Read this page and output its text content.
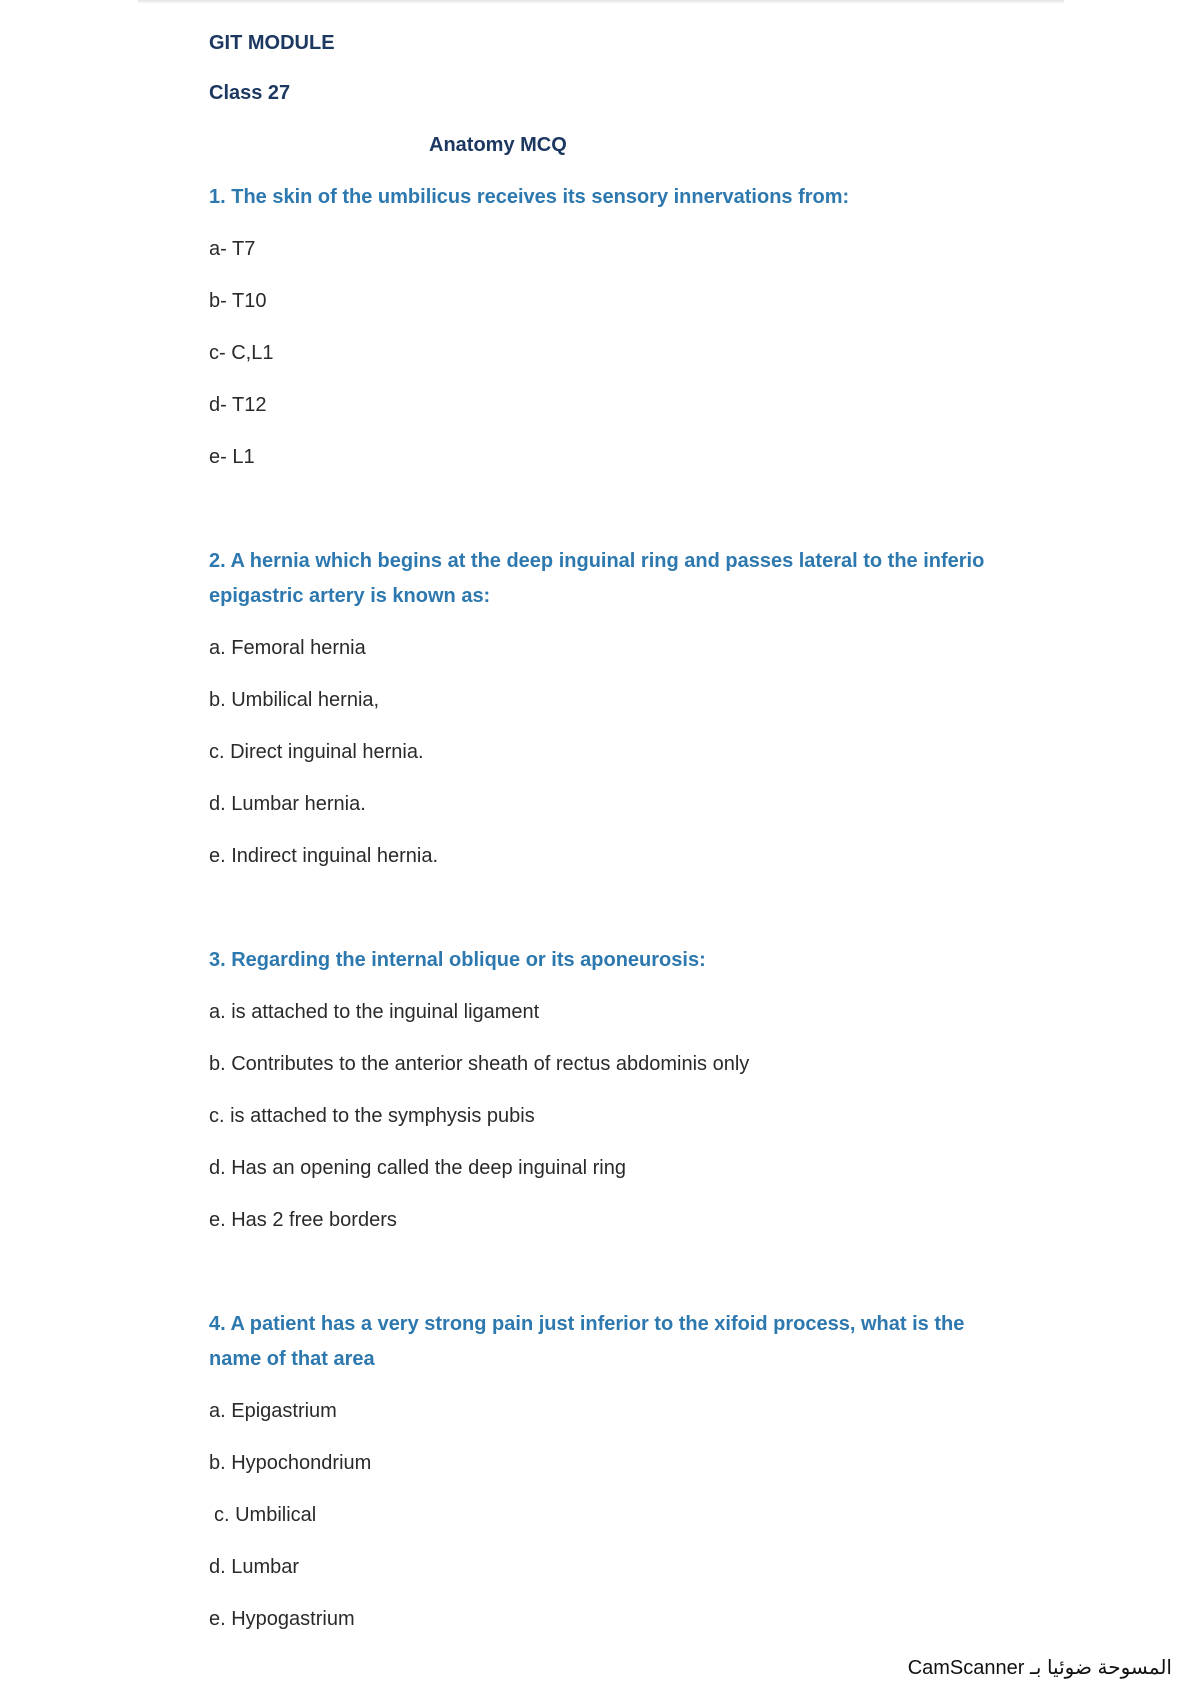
GIT MODULE
Class 27
Anatomy MCQ
1. The skin of the umbilicus receives its sensory innervations from:
a- T7
b- T10
c- C,L1
d- T12
e- L1
2. A hernia which begins at the deep inguinal ring and passes lateral to the inferio
epigastric artery is known as:
a. Femoral hernia
b. Umbilical hernia,
c. Direct inguinal hernia.
d. Lumbar hernia.
e. Indirect inguinal hernia.
3. Regarding the internal oblique or its aponeurosis:
a. is attached to the inguinal ligament
b. Contributes to the anterior sheath of rectus abdominis only
c. is attached to the symphysis pubis
d. Has an opening called the deep inguinal ring
e. Has 2 free borders
4. A patient has a very strong pain just inferior to the xifoid process, what is the
name of that area
a. Epigastrium
b. Hypochondrium
c. Umbilical
d. Lumbar
e. Hypogastrium
CamScanner المسوحة ضوئيا بـ
